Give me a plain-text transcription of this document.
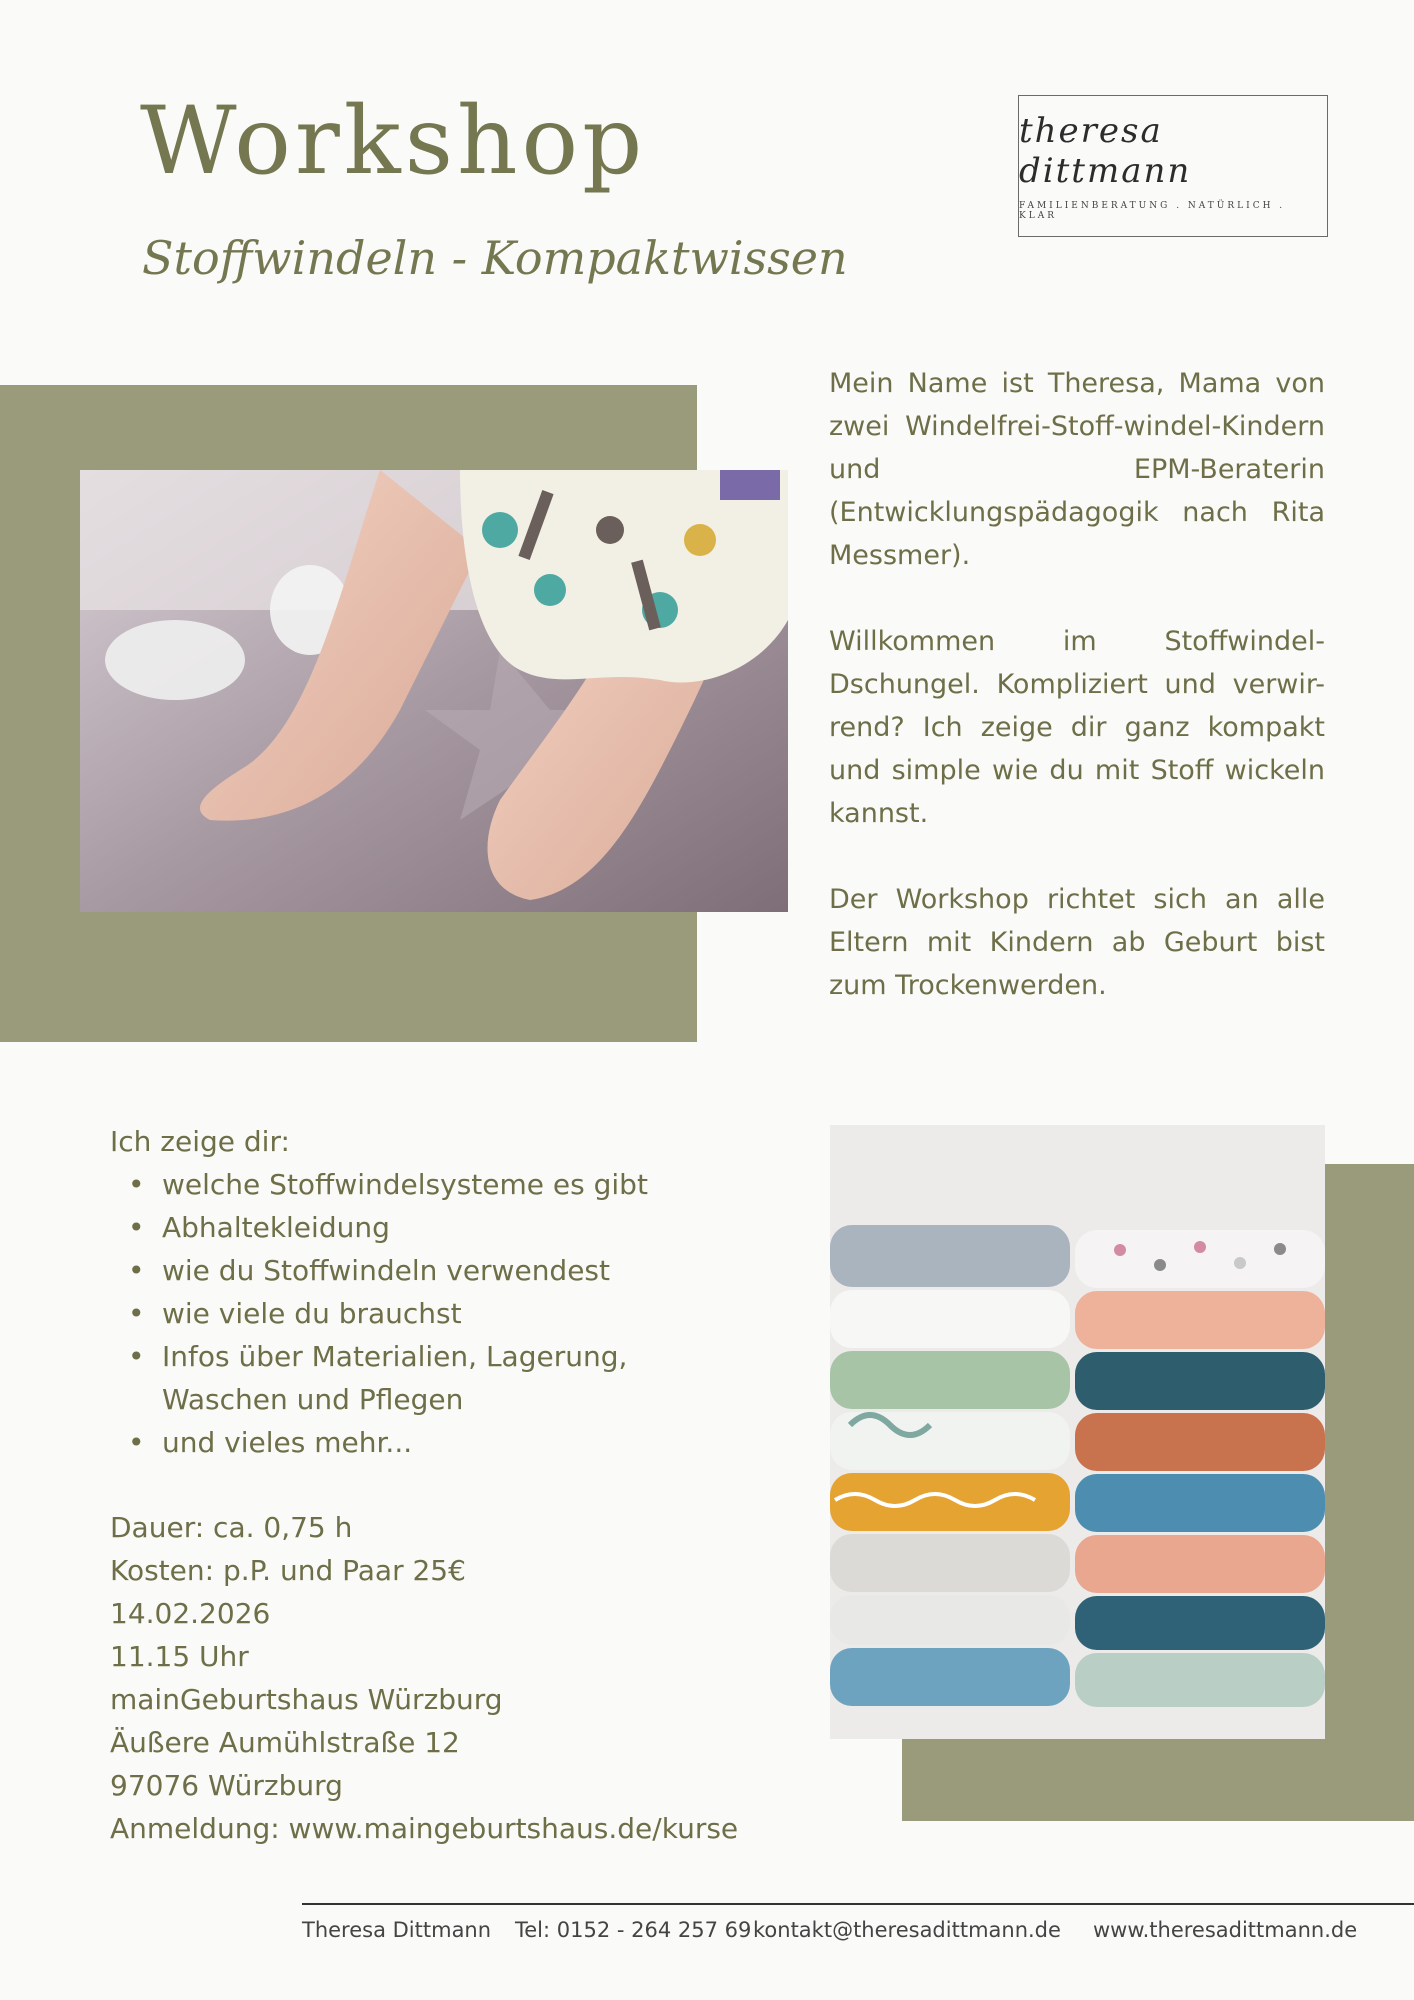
Workshop
Stoffwindeln - Kompaktwissen
theresa dittmann
FAMILIENBERATUNG . NATÜRLICH . KLAR

Mein Name ist Theresa, Mama von zwei Windelfrei-Stoff-windel-Kindern und EPM-Beraterin (Entwicklungspädagogik nach Rita Messmer).

Willkommen im Stoffwindel-Dschungel. Kompliziert und verwir-rend? Ich zeige dir ganz kompakt und simple wie du mit Stoff wickeln kannst.

Der Workshop richtet sich an alle Eltern mit Kindern ab Geburt bist zum Trockenwerden.

Ich zeige dir:
• welche Stoffwindelsysteme es gibt
• Abhaltekleidung
• wie du Stoffwindeln verwendest
• wie viele du brauchst
• Infos über Materialien, Lagerung, Waschen und Pflegen
• und vieles mehr...
Dauer: ca. 0,75 h
Kosten: p.P. und Paar 25€
14.02.2026
11.15 Uhr
mainGeburtshaus Würzburg
Äußere Aumühlstraße 12
97076 Würzburg
Anmeldung: www.maingeburtshaus.de/kurse
Theresa Dittmann Tel: 0152 - 264 257 69 kontakt@theresadittmann.de www.theresadittmann.de
